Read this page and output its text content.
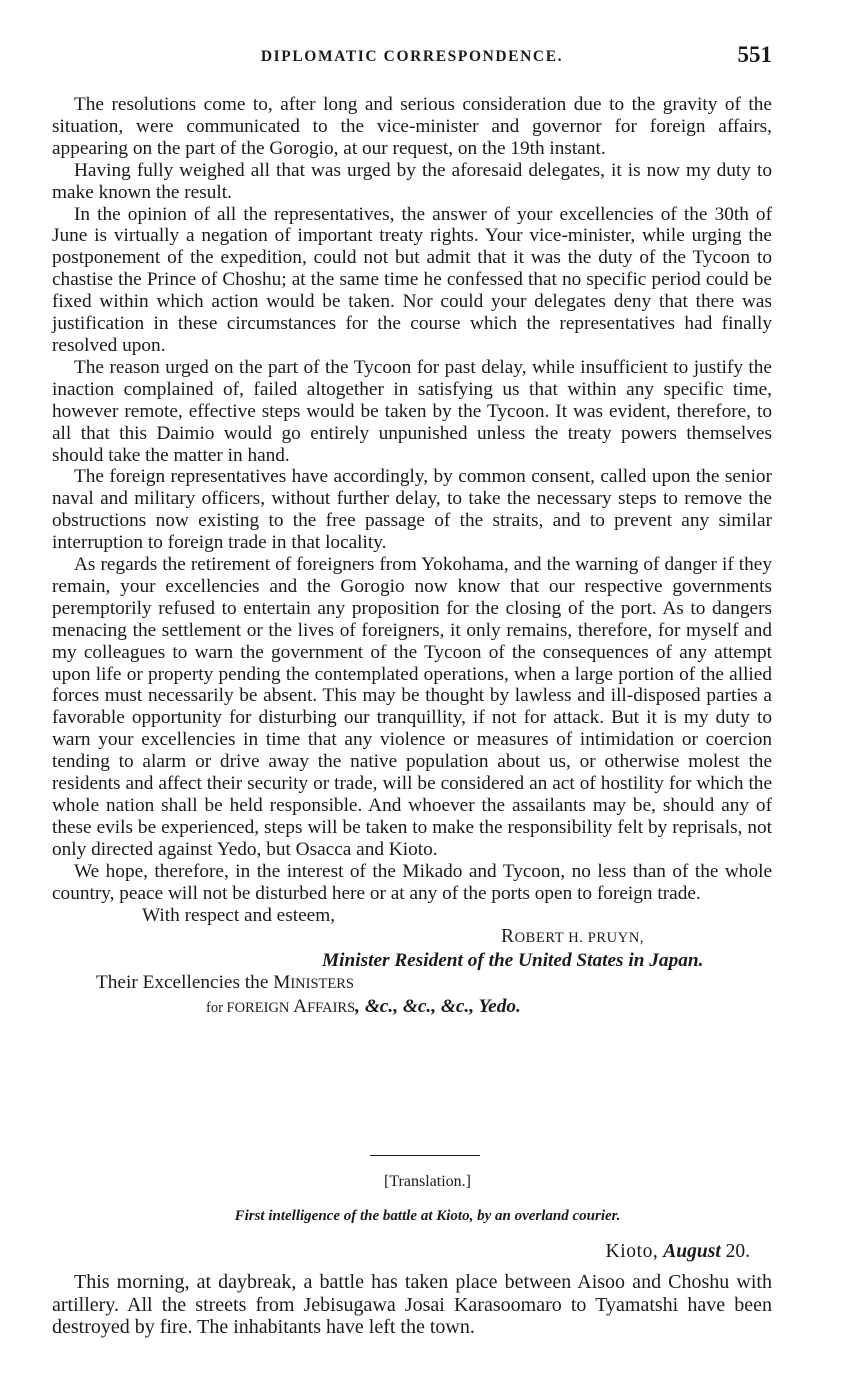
DIPLOMATIC CORRESPONDENCE.	551

The resolutions come to, after long and serious consideration due to the gravity of the situation, were communicated to the vice-minister and governor for foreign affairs, appearing on the part of the Gorogio, at our request, on the 19th instant.

Having fully weighed all that was urged by the aforesaid delegates, it is now my duty to make known the result.

In the opinion of all the representatives, the answer of your excellencies of the 30th of June is virtually a negation of important treaty rights. Your vice-minister, while urging the postponement of the expedition, could not but admit that it was the duty of the Tycoon to chastise the Prince of Choshu; at the same time he confessed that no specific period could be fixed within which action would be taken. Nor could your delegates deny that there was justification in these circumstances for the course which the representatives had finally resolved upon.

The reason urged on the part of the Tycoon for past delay, while insufficient to justify the inaction complained of, failed altogether in satisfying us that within any specific time, however remote, effective steps would be taken by the Tycoon. It was evident, therefore, to all that this Daimio would go entirely unpunished unless the treaty powers themselves should take the matter in hand.

The foreign representatives have accordingly, by common consent, called upon the senior naval and military officers, without further delay, to take the necessary steps to remove the obstructions now existing to the free passage of the straits, and to prevent any similar interruption to foreign trade in that locality.

As regards the retirement of foreigners from Yokohama, and the warning of danger if they remain, your excellencies and the Gorogio now know that our respective governments peremptorily refused to entertain any proposition for the closing of the port. As to dangers menacing the settlement or the lives of foreigners, it only remains, therefore, for myself and my colleagues to warn the government of the Tycoon of the consequences of any attempt upon life or property pending the contemplated operations, when a large portion of the allied forces must necessarily be absent. This may be thought by lawless and ill-disposed parties a favorable opportunity for disturbing our tranquillity, if not for attack. But it is my duty to warn your excellencies in time that any violence or measures of intimidation or coercion tending to alarm or drive away the native population about us, or otherwise molest the residents and affect their security or trade, will be considered an act of hostility for which the whole nation shall be held responsible. And whoever the assailants may be, should any of these evils be experienced, steps will be taken to make the responsibility felt by reprisals, not only directed against Yedo, but Osacca and Kioto.

We hope, therefore, in the interest of the Mikado and Tycoon, no less than of the whole country, peace will not be disturbed here or at any of the ports open to foreign trade.

With respect and esteem,

ROBERT H. PRUYN,

Minister Resident of the United States in Japan.

Their Excellencies the MINISTERS

for FOREIGN AFFAIRS, &c., &c., &c., Yedo.

[Translation.]
First intelligence of the battle at Kioto, by an overland courier.
Kioto, August 20.

This morning, at daybreak, a battle has taken place between Aisoo and Choshu with artillery. All the streets from Jebisugawa Josai Karasoomaro to Tyamatshi have been destroyed by fire. The inhabitants have left the town.
